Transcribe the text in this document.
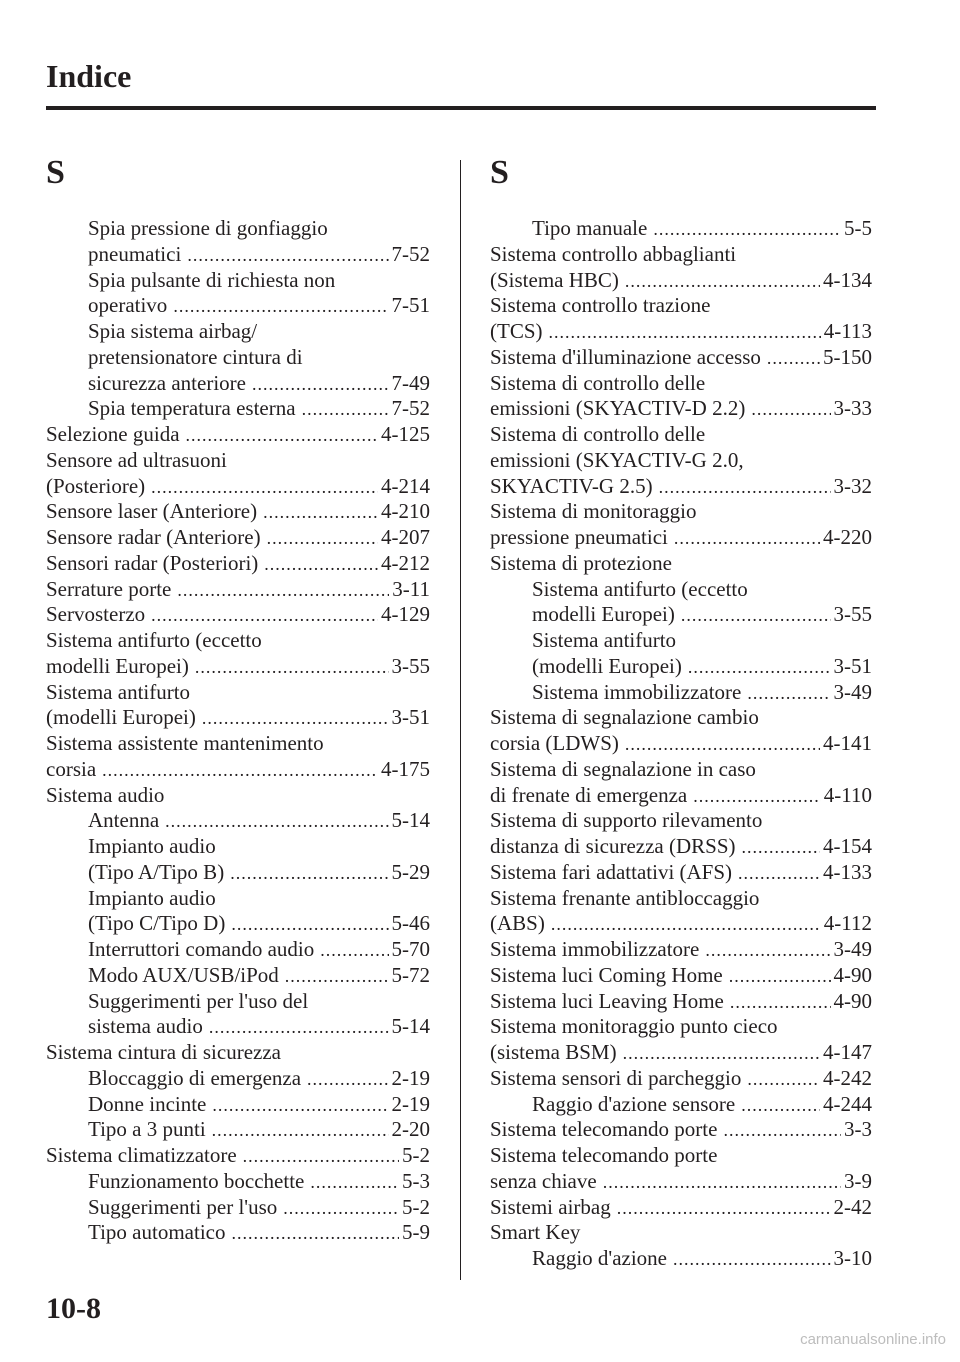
Indice
S
Spia pressione di gonfiaggio
pneumatici .....	7-52
Spia pulsante di richiesta non
operativo .....	7-51
Spia sistema airbag/
pretensionatore cintura di
sicurezza anteriore .....	7-49
Spia temperatura esterna .....	7-52
Selezione guida .....	4-125
Sensore ad ultrasuoni
(Posteriore) .....	4-214
Sensore laser (Anteriore) .....	4-210
Sensore radar (Anteriore) .....	4-207
Sensori radar (Posteriori) .....	4-212
Serrature porte .....	3-11
Servosterzo .....	4-129
Sistema antifurto (eccetto
modelli Europei) .....	3-55
Sistema antifurto
(modelli Europei) .....	3-51
Sistema assistente mantenimento
corsia .....	4-175
Sistema audio
Antenna .....	5-14
Impianto audio
(Tipo A/Tipo B) .....	5-29
Impianto audio
(Tipo C/Tipo D) .....	5-46
Interruttori comando audio .....	5-70
Modo AUX/USB/iPod .....	5-72
Suggerimenti per l'uso del
sistema audio .....	5-14
Sistema cintura di sicurezza
Bloccaggio di emergenza .....	2-19
Donne incinte .....	2-19
Tipo a 3 punti .....	2-20
Sistema climatizzatore .....	5-2
Funzionamento bocchette .....	5-3
Suggerimenti per l'uso .....	5-2
Tipo automatico .....	5-9
S
Tipo manuale .....	5-5
Sistema controllo abbaglianti
(Sistema HBC) .....	4-134
Sistema controllo trazione
(TCS) .....	4-113
Sistema d'illuminazione accesso .....	5-150
Sistema di controllo delle
emissioni (SKYACTIV-D 2.2) .....	3-33
Sistema di controllo delle
emissioni (SKYACTIV-G 2.0,
SKYACTIV-G 2.5) .....	3-32
Sistema di monitoraggio
pressione pneumatici .....	4-220
Sistema di protezione
Sistema antifurto (eccetto
modelli Europei) .....	3-55
Sistema antifurto
(modelli Europei) .....	3-51
Sistema immobilizzatore .....	3-49
Sistema di segnalazione cambio
corsia (LDWS) .....	4-141
Sistema di segnalazione in caso
di frenate di emergenza .....	4-110
Sistema di supporto rilevamento
distanza di sicurezza (DRSS) .....	4-154
Sistema fari adattativi (AFS) .....	4-133
Sistema frenante antibloccaggio
(ABS) .....	4-112
Sistema immobilizzatore .....	3-49
Sistema luci Coming Home .....	4-90
Sistema luci Leaving Home .....	4-90
Sistema monitoraggio punto cieco
(sistema BSM) .....	4-147
Sistema sensori di parcheggio .....	4-242
Raggio d'azione sensore .....	4-244
Sistema telecomando porte .....	3-3
Sistema telecomando porte
senza chiave .....	3-9
Sistemi airbag .....	2-42
Smart Key
Raggio d'azione .....	3-10
10-8
carmanualsonline.info
